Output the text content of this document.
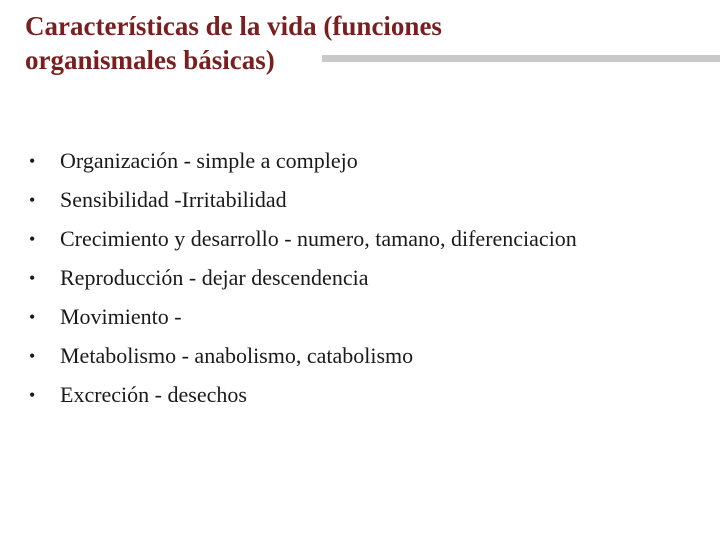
Características de la vida (funciones organismales básicas)
• Organización - simple a complejo
• Sensibilidad -Irritabilidad
• Crecimiento y desarrollo - numero, tamano, diferenciacion
• Reproducción - dejar descendencia
• Movimiento -
• Metabolismo - anabolismo, catabolismo
• Excreción - desechos
